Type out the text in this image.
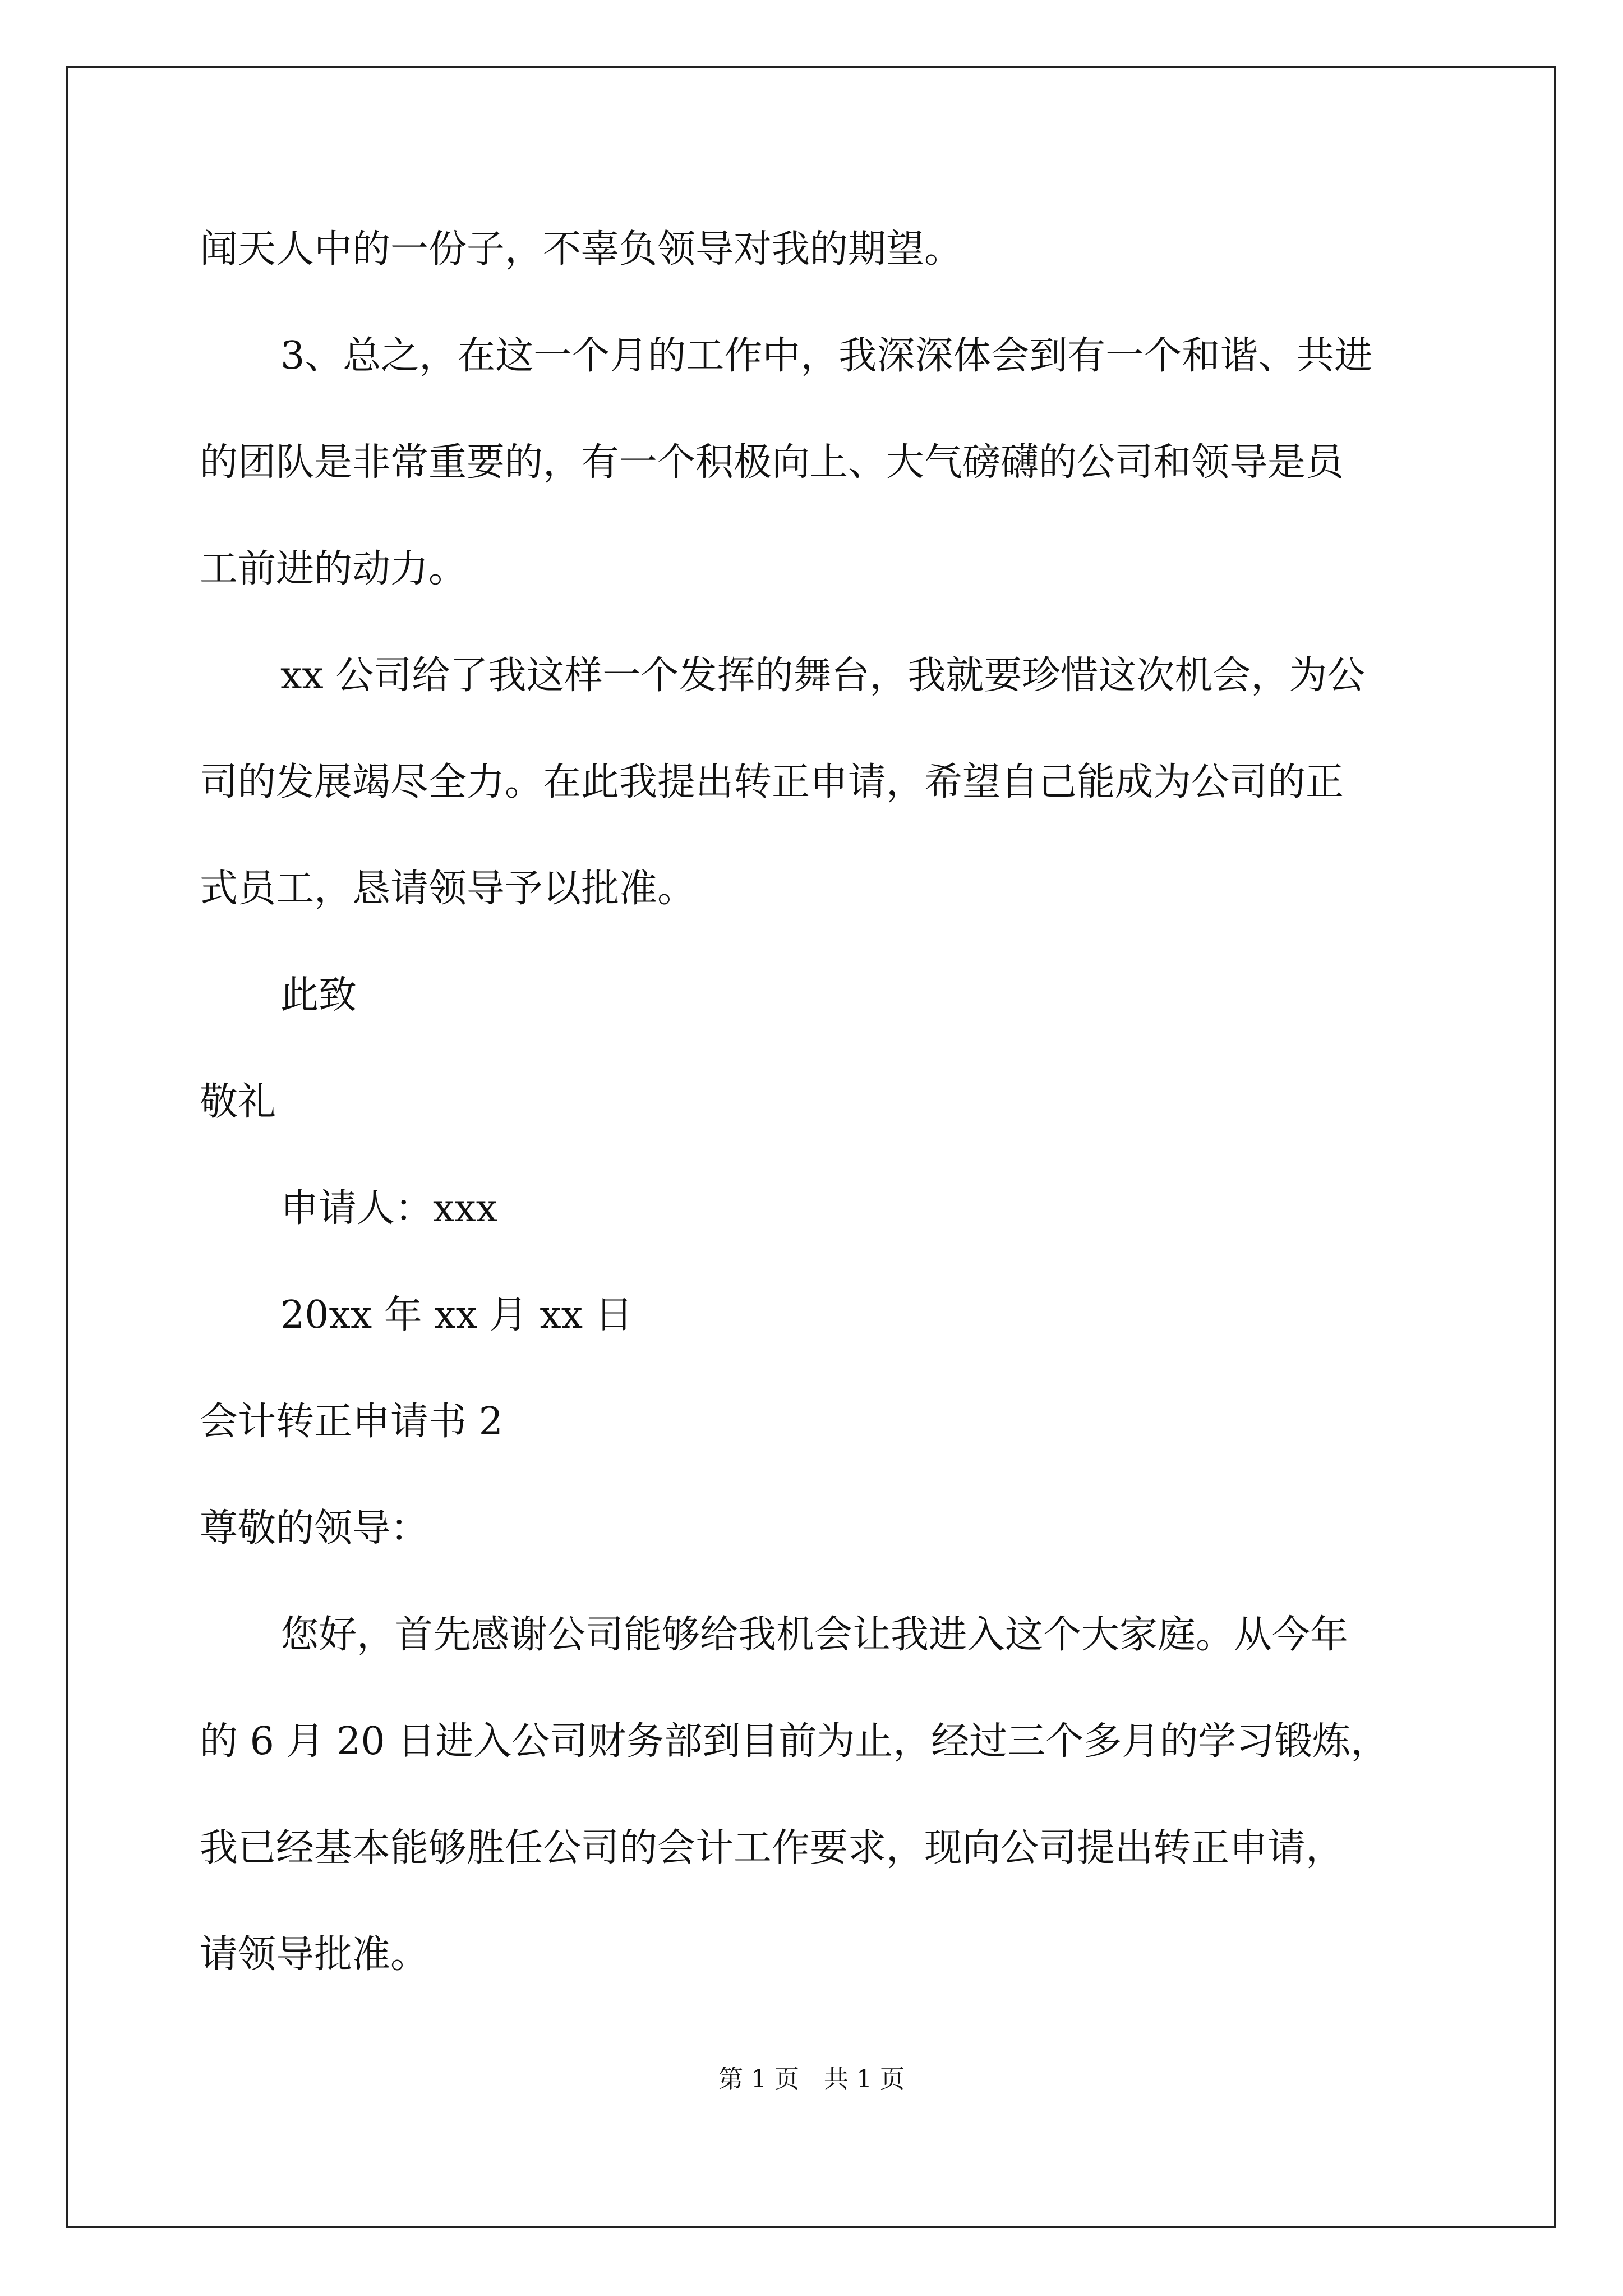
闻天人中的一份子，不辜负领导对我的期望。

3、总之，在这一个月的工作中，我深深体会到有一个和谐、共进

的团队是非常重要的，有一个积极向上、大气磅礴的公司和领导是员

工前进的动力。

xx 公司给了我这样一个发挥的舞台，我就要珍惜这次机会，为公

司的发展竭尽全力。在此我提出转正申请，希望自己能成为公司的正

式员工，恳请领导予以批准。

此致

敬礼

申请人：xxx

20xx 年 xx 月 xx 日

会计转正申请书 2

尊敬的领导：

您好，首先感谢公司能够给我机会让我进入这个大家庭。从今年

的 6 月 20 日进入公司财务部到目前为止，经过三个多月的学习锻炼，

我已经基本能够胜任公司的会计工作要求，现向公司提出转正申请，

请领导批准。

第 1 页　共 1 页
